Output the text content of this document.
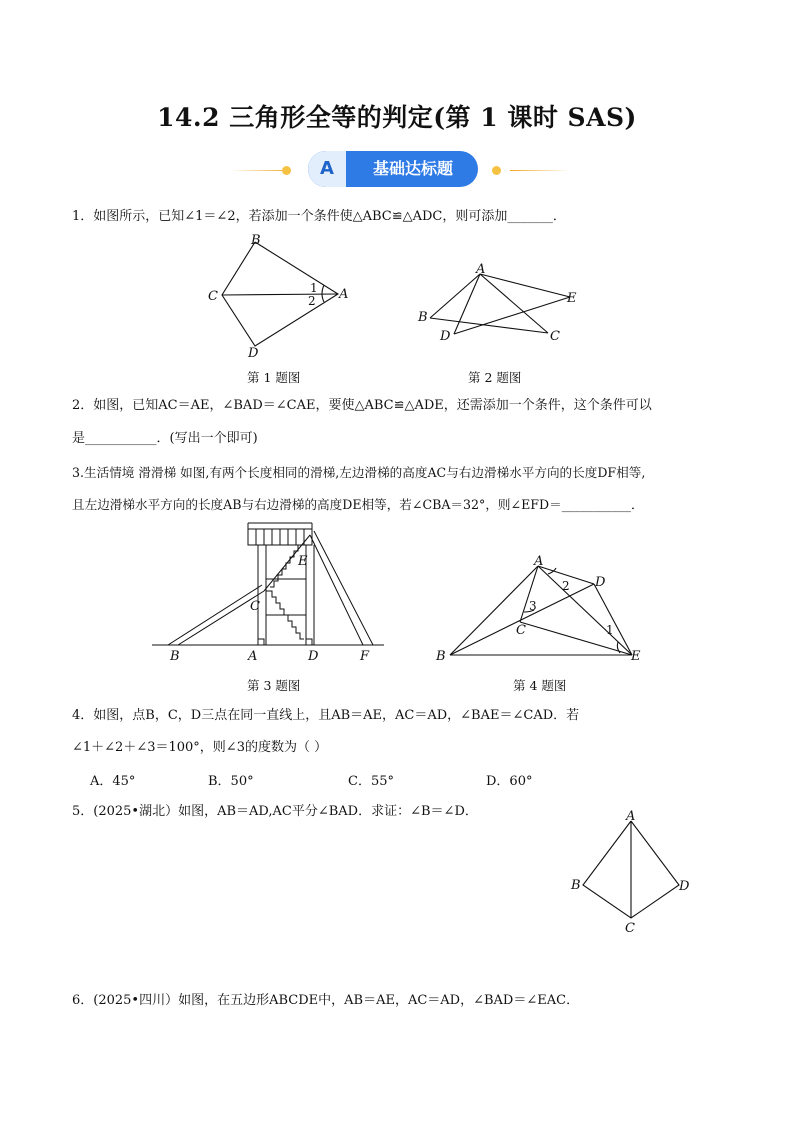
14.2 三角形全等的判定(第 1 课时 SAS)
A	基础达标题
1．如图所示，已知∠1＝∠2，若添加一个条件使△ABC≌△ADC，则可添加_______．
B
C	A
D
1
2
A
B
D	C
E
第 1 题图	第 2 题图
2．如图，已知AC＝AE，∠BAD＝∠CAE，要使△ABC≌△ADE，还需添加一个条件，这个条件可以
是___________．(写出一个即可)
3.生活情境 滑滑梯 如图,有两个长度相同的滑梯,左边滑梯的高度AC与右边滑梯水平方向的长度DF相等,
且左边滑梯水平方向的长度AB与右边滑梯的高度DE相等，若∠CBA＝32°，则∠EFD＝___________．
B	A	D	F
C
E	A
B
C
D
E
2
3
1
第 3 题图	第 4 题图
4．如图，点B，C，D三点在同一直线上，且AB＝AE，AC＝AD，∠BAE＝∠CAD．若
∠1＋∠2＋∠3＝100°，则∠3的度数为（ ）
A．45°	B．50°	C．55°	D．60°
5．(2025•湖北）如图，AB＝AD,AC平分∠BAD．求证：∠B＝∠D．	A
B
C
D
6．(2025•四川）如图，在五边形ABCDE中，AB＝AE，AC＝AD，∠BAD＝∠EAC．
